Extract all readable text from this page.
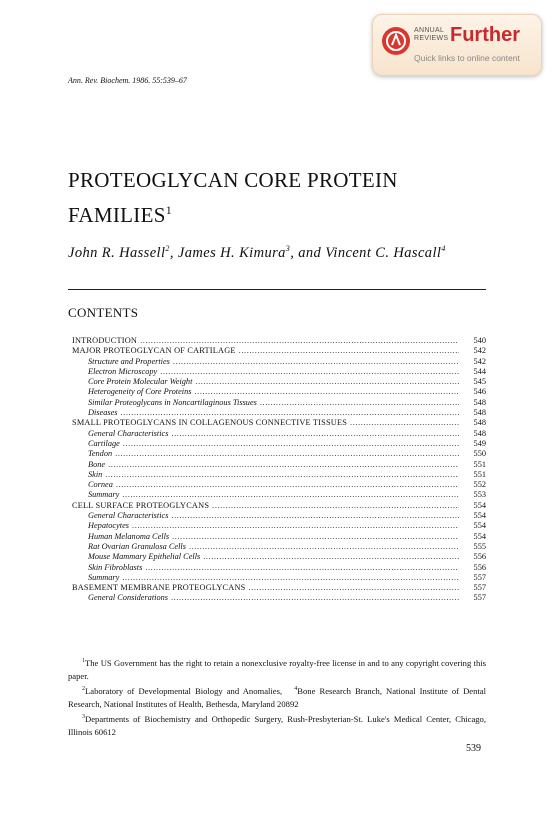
ANNUAL
REVIEWS Further
Quick links to online content
Ann. Rev. Biochem. 1986. 55:539–67
PROTEOGLYCAN CORE PROTEIN
FAMILIES$^1$
John R. Hassell$^2$, James H. Kimura$^3$, and Vincent C. Hascall$^4$
CONTENTS
INTRODUCTION .....	540
MAJOR PROTEOGLYCAN OF CARTILAGE .....	542
Structure and Properties .....	542
Electron Microscopy .....	544
Core Protein Molecular Weight .....	545
Heterogeneity of Core Proteins .....	546
Similar Proteoglycans in Noncartilaginous Tissues .....	548
Diseases .....	548
SMALL PROTEOGLYCANS IN COLLAGENOUS CONNECTIVE TISSUES .....	548
General Characteristics .....	548
Cartilage .....	549
Tendon .....	550
Bone .....	551
Skin .....	551
Cornea .....	552
Summary .....	553
CELL SURFACE PROTEOGLYCANS .....	554
General Characteristics .....	554
Hepatocytes .....	554
Human Melanoma Cells .....	554
Rat Ovarian Granulosa Cells .....	555
Mouse Mammary Epithelial Cells .....	556
Skin Fibroblasts .....	556
Summary .....	557
BASEMENT MEMBRANE PROTEOGLYCANS .....	557
General Considerations .....	557

$^1$The US Government has the right to retain a nonexclusive royalty-free license in and to any copyright covering this paper.

$^2$Laboratory of Developmental Biology and Anomalies, $^4$Bone Research Branch, National Institute of Dental Research, National Institutes of Health, Bethesda, Maryland 20892

$^3$Departments of Biochemistry and Orthopedic Surgery, Rush-Presbyterian-St. Luke's Medical Center, Chicago, Illinois 60612

539
